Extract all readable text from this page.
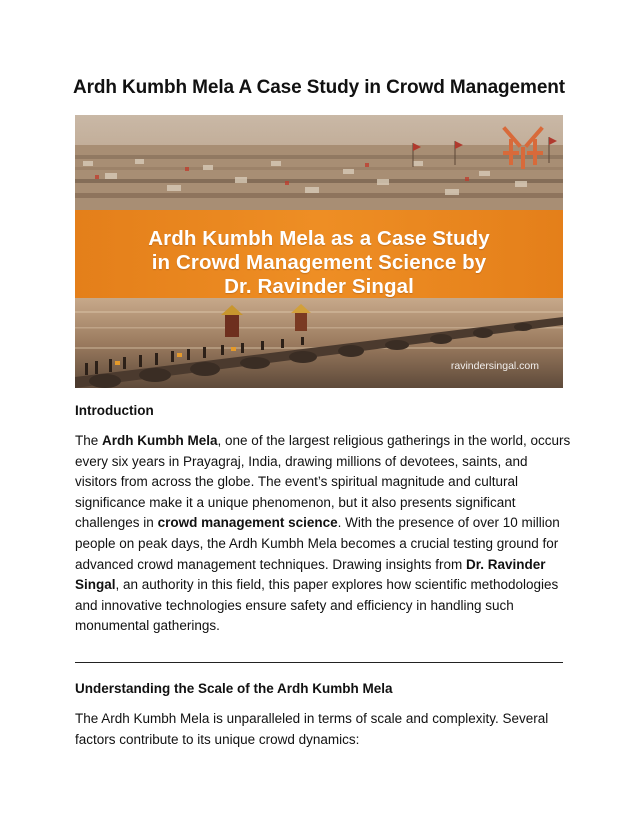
Ardh Kumbh Mela A Case Study in Crowd Management
Ardh Kumbh Mela as a Case Study
in Crowd Management Science by
Dr. Ravinder Singal
ravindersingal.com
Introduction
The Ardh Kumbh Mela, one of the largest religious gatherings in the world, occurs every six years in Prayagraj, India, drawing millions of devotees, saints, and visitors from across the globe. The event’s spiritual magnitude and cultural significance make it a unique phenomenon, but it also presents significant challenges in crowd management science. With the presence of over 10 million people on peak days, the Ardh Kumbh Mela becomes a crucial testing ground for advanced crowd management techniques. Drawing insights from Dr. Ravinder Singal, an authority in this field, this paper explores how scientific methodologies and innovative technologies ensure safety and efficiency in handling such monumental gatherings.
Understanding the Scale of the Ardh Kumbh Mela
The Ardh Kumbh Mela is unparalleled in terms of scale and complexity. Several factors contribute to its unique crowd dynamics:
